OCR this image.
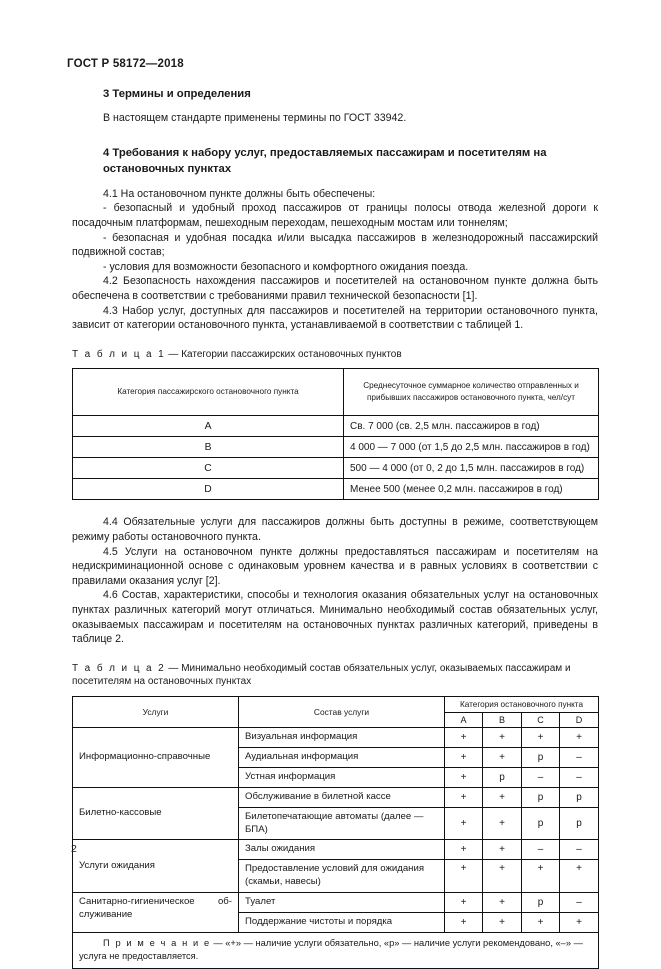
ГОСТ Р 58172—2018
3 Термины и определения

В настоящем стандарте применены термины по ГОСТ 33942.

4 Требования к набору услуг, предоставляемых пассажирам и посетителям на остановочных пунктах

4.1 На остановочном пункте должны быть обеспечены:

- безопасный и удобный проход пассажиров от границы полосы отвода железной дороги к посадочным платформам, пешеходным переходам, пешеходным мостам или тоннелям;

- безопасная и удобная посадка и/или высадка пассажиров в железнодорожный пассажирский подвижной состав;

- условия для возможности безопасного и комфортного ожидания поезда.

4.2 Безопасность нахождения пассажиров и посетителей на остановочном пункте должна быть обеспечена в соответствии с требованиями правил технической безопасности [1].

4.3 Набор услуг, доступных для пассажиров и посетителей на территории остановочного пункта, зависит от категории остановочного пункта, устанавливаемой в соответствии с таблицей 1.

Т а б л и ц а 1 — Категории пассажирских остановочных пунктов

Категория пассажирского остановочного пункта	Среднесуточное суммарное количество отправленных и прибывших пассажиров остановочного пункта, чел/сут
A	Св. 7 000 (св. 2,5 млн. пассажиров в год)
B	4 000 — 7 000 (от 1,5 до 2,5 млн. пассажиров в год)
C	500 — 4 000 (от 0, 2 до 1,5 млн. пассажиров в год)
D	Менее 500 (менее 0,2 млн. пассажиров в год)

4.4 Обязательные услуги для пассажиров должны быть доступны в режиме, соответствующем режиму работы остановочного пункта.

4.5 Услуги на остановочном пункте должны предоставляться пассажирам и посетителям на недискриминационной основе с одинаковым уровнем качества и в равных условиях в соответствии с правилами оказания услуг [2].

4.6 Состав, характеристики, способы и технология оказания обязательных услуг на остановочных пунктах различных категорий могут отличаться. Минимально необходимый состав обязательных услуг, оказываемых пассажирам и посетителям на остановочных пунктах различных категорий, приведены в таблице 2.

Т а б л и ц а 2 — Минимально необходимый состав обязательных услуг, оказываемых пассажирам и посетителям на остановочных пунктах

Услуги	Состав услуги	Категория остановочного пункта			
		A	B	C	D
Информационно-справочные	Визуальная информация	+	+	+	+
	Аудиальная информация	+	+	р	–
	Устная информация	+	р	–	–
Билетно-кассовые	Обслуживание в билетной кассе	+	+	р	р
	Билетопечатающие автоматы (далее — БПА)	+	+	р	р
Услуги ожидания	Залы ожидания	+	+	–	–
	Предоставление условий для ожидания (скамьи, навесы)	+	+	+	+
Санитарно-гигиеническое об-служивание	Туалет	+	+	р	–
	Поддержание чистоты и порядка	+	+	+	+
П р и м е ч а н и е — «+» — наличие услуги обязательно, «р» — наличие услуги рекомендовано, «–» — услуга не предоставляется.					
2
